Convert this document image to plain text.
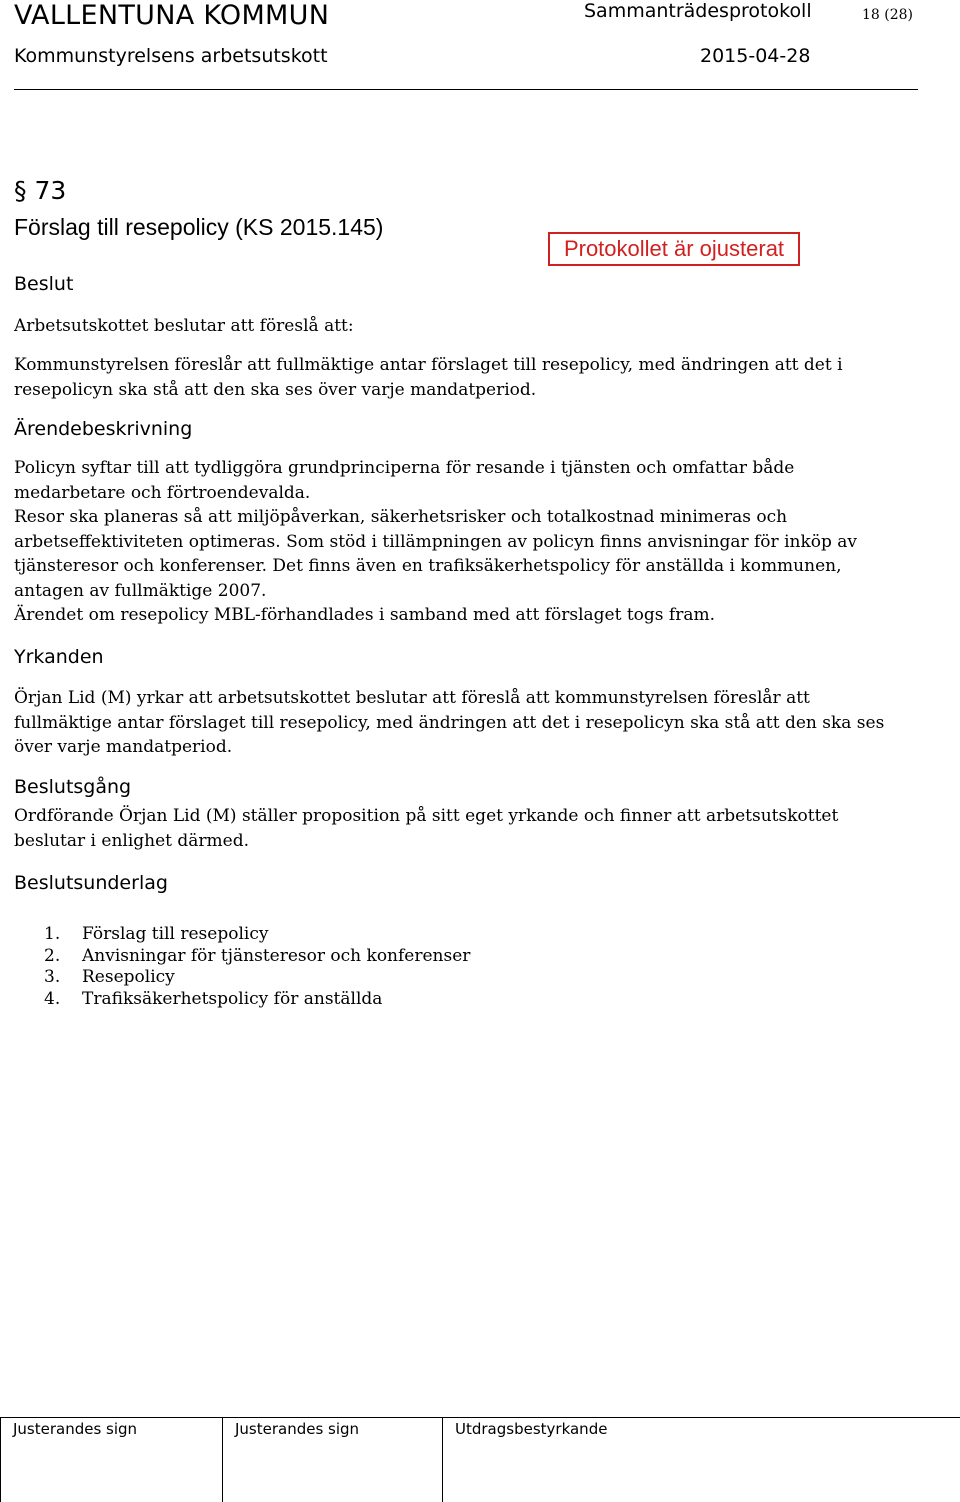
VALLENTUNA KOMMUN	Sammanträdesprotokoll	18 (28)
Kommunstyrelsens arbetsutskott	2015-04-28
§ 73
Förslag till resepolicy (KS 2015.145)
Protokollet är ojusterat
Beslut
Arbetsutskottet beslutar att föreslå att:

Kommunstyrelsen föreslår att fullmäktige antar förslaget till resepolicy, med ändringen att det i

resepolicyn ska stå att den ska ses över varje mandatperiod.

Ärendebeskrivning

Policyn syftar till att tydliggöra grundprinciperna för resande i tjänsten och omfattar både

medarbetare och förtroendevalda.

Resor ska planeras så att miljöpåverkan, säkerhetsrisker och totalkostnad minimeras och

arbetseffektiviteten optimeras. Som stöd i tillämpningen av policyn finns anvisningar för inköp av

tjänsteresor och konferenser. Det finns även en trafiksäkerhetspolicy för anställda i kommunen,

antagen av fullmäktige 2007.

Ärendet om resepolicy MBL-förhandlades i samband med att förslaget togs fram.

Yrkanden

Örjan Lid (M) yrkar att arbetsutskottet beslutar att föreslå att kommunstyrelsen föreslår att

fullmäktige antar förslaget till resepolicy, med ändringen att det i resepolicyn ska stå att den ska ses

över varje mandatperiod.

Beslutsgång

Ordförande Örjan Lid (M) ställer proposition på sitt eget yrkande och finner att arbetsutskottet

beslutar i enlighet därmed.

Beslutsunderlag
1.	Förslag till resepolicy
2.	Anvisningar för tjänsteresor och konferenser
3.	Resepolicy
4.	Trafiksäkerhetspolicy för anställda
Justerandes sign	Justerandes sign	Utdragsbestyrkande
